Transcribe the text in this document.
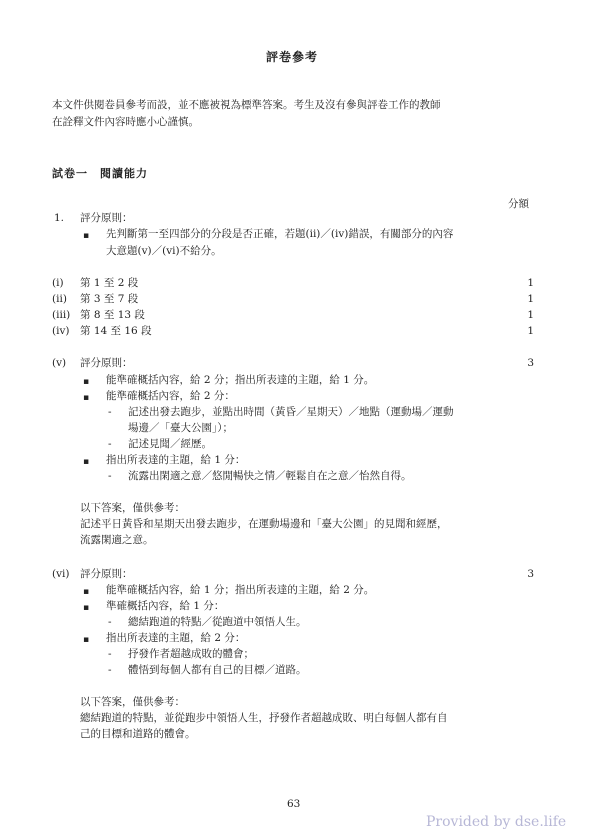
評卷參考
本文件供閱卷員參考而設，並不應被視為標準答案。考生及沒有參與評卷工作的教師
在詮釋文件內容時應小心謹慎。
試卷一　閱讀能力
分額
1. 評分原則：
▪ 先判斷第一至四部分的分段是否正確，若題(ii)／(iv)錯誤，有關部分的內容
大意題(v)／(vi)不給分。
(i) 第 1 至 2 段	1
(ii) 第 3 至 7 段	1
(iii) 第 8 至 13 段	1
(iv) 第 14 至 16 段	1
(v) 評分原則：	3
▪ 能準確概括內容，給 2 分；指出所表達的主題，給 1 分。
▪ 能準確概括內容，給 2 分：
- 記述出發去跑步，並點出時間（黃昏／星期天）／地點（運動場／運動
場邊／「臺大公園」）；
- 記述見聞／經歷。
▪ 指出所表達的主題，給 1 分：
- 流露出閑適之意／悠閒暢快之情／輕鬆自在之意／怡然自得。
以下答案，僅供參考：
記述平日黃昏和星期天出發去跑步，在運動場邊和「臺大公園」的見聞和經歷，
流露閑適之意。
(vi) 評分原則：	3
▪ 能準確概括內容，給 1 分；指出所表達的主題，給 2 分。
▪ 準確概括內容，給 1 分：
- 總結跑道的特點／從跑道中領悟人生。
▪ 指出所表達的主題，給 2 分：
- 抒發作者超越成敗的體會；
- 體悟到每個人都有自己的目標／道路。
以下答案，僅供參考：
總結跑道的特點，並從跑步中領悟人生，抒發作者超越成敗、明白每個人都有自
己的目標和道路的體會。
63
Provided by dse.life
